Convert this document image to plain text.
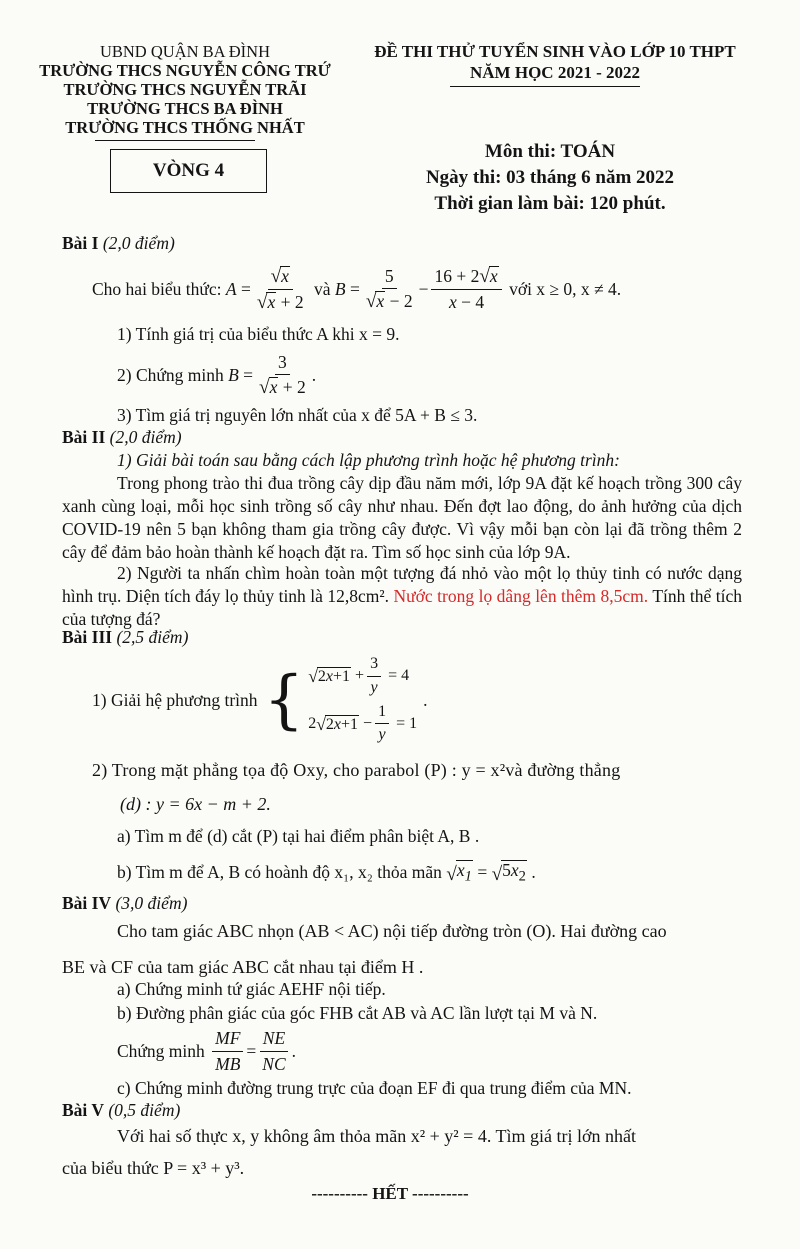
UBND QUẬN BA ĐÌNH
TRƯỜNG THCS NGUYỄN CÔNG TRỨ
TRƯỜNG THCS NGUYỄN TRÃI
TRƯỜNG THCS BA ĐÌNH
TRƯỜNG THCS THỐNG NHẤT
ĐỀ THI THỬ TUYỂN SINH VÀO LỚP 10 THPT
NĂM HỌC 2021 - 2022
VÒNG 4
Môn thi: TOÁN
Ngày thi: 03 tháng 6 năm 2022
Thời gian làm bài: 120 phút.
Bài I (2,0 điểm)
Cho hai biểu thức:
$A = \frac{√ x}{√ x + 2}$
và
$B = \frac{5}{√ x - 2} - \frac{16 + 2 √ x}{x - 4}$
với x ≥ 0, x ≠ 4.
1) Tính giá trị của biểu thức A khi x = 9.
2) Chứng minh
$B = \frac{3}{√ x + 2}$ .
3) Tìm giá trị nguyên lớn nhất của x để 5A + B ≤ 3.
Bài II (2,0 điểm)
1) Giải bài toán sau bằng cách lập phương trình hoặc hệ phương trình:
Trong phong trào thi đua trồng cây dịp đầu năm mới, lớp 9A đặt kế hoạch trồng 300 cây xanh cùng loại, mỗi học sinh trồng số cây như nhau. Đến đợt lao động, do ảnh hưởng của dịch COVID-19 nên 5 bạn không tham gia trồng cây được. Vì vậy mỗi bạn còn lại đã trồng thêm 2 cây để đảm bảo hoàn thành kế hoạch đặt ra. Tìm số học sinh của lớp 9A.
2) Người ta nhấn chìm hoàn toàn một tượng đá nhỏ vào một lọ thủy tinh có nước dạng hình trụ. Diện tích đáy lọ thủy tinh là 12,8cm². Nước trong lọ dâng lên thêm 8,5cm. Tính thể tích của tượng đá?
Bài III (2,5 điểm)
1) Giải hệ phương trình { √ $2x+1 + \frac{3}{y} = 4$
2 √ $2x+1 - \frac{1}{y} = 1$
.
2) Trong mặt phẳng tọa độ Oxy, cho parabol (P) : y = x²và đường thẳng
(d) : y = 6x − m + 2.
a) Tìm m để (d) cắt (P) tại hai điểm phân biệt A, B .
b) Tìm m để A, B có hoành độ x₁, x₂ thỏa mãn
√ $x_1$ = √ $5x_2$ .
Bài IV (3,0 điểm)
Cho tam giác ABC nhọn (AB < AC) nội tiếp đường tròn (O). Hai đường cao
BE và CF của tam giác ABC cắt nhau tại điểm H .
a) Chứng minh tứ giác AEHF nội tiếp.
b) Đường phân giác của góc FHB cắt AB và AC lần lượt tại M và N.
Chứng minh
$\frac{MF}{MB} = \frac{NE}{NC}$ .
c) Chứng minh đường trung trực của đoạn EF đi qua trung điểm của MN.
Bài V (0,5 điểm)
Với hai số thực x, y không âm thỏa mãn x² + y² = 4. Tìm giá trị lớn nhất
của biểu thức P = x³ + y³.
---------- HẾT ----------
